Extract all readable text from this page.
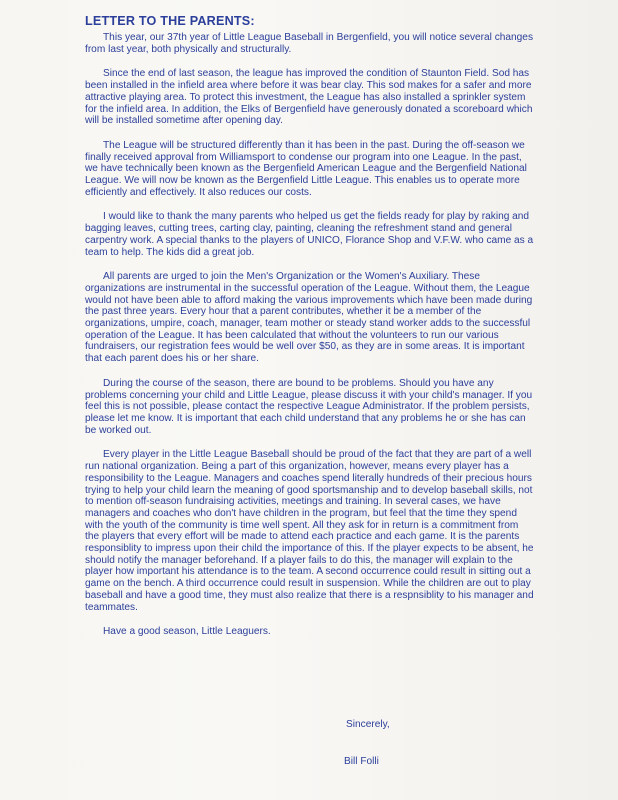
LETTER TO THE PARENTS:

This year, our 37th year of Little League Baseball in Bergenfield, you will notice several changes from last year, both physically and structurally.

Since the end of last season, the league has improved the condition of Staunton Field. Sod has been installed in the infield area where before it was bear clay. This sod makes for a safer and more attractive playing area. To protect this investment, the League has also installed a sprinkler system for the infield area. In addition, the Elks of Bergenfield have generously donated a scoreboard which will be installed sometime after opening day.

The League will be structured differently than it has been in the past. During the off-season we finally received approval from Williamsport to condense our program into one League. In the past, we have technically been known as the Bergenfield American League and the Bergenfield National League. We will now be known as the Bergenfield Little League. This enables us to operate more efficiently and effectively. It also reduces our costs.

I would like to thank the many parents who helped us get the fields ready for play by raking and bagging leaves, cutting trees, carting clay, painting, cleaning the refreshment stand and general carpentry work. A special thanks to the players of UNICO, Florance Shop and V.F.W. who came as a team to help. The kids did a great job.

All parents are urged to join the Men's Organization or the Women's Auxiliary. These organizations are instrumental in the successful operation of the League. Without them, the League would not have been able to afford making the various improvements which have been made during the past three years. Every hour that a parent contributes, whether it be a member of the organizations, umpire, coach, manager, team mother or steady stand worker adds to the successful operation of the League. It has been calculated that without the volunteers to run our various fundraisers, our registration fees would be well over $50, as they are in some areas. It is important that each parent does his or her share.

During the course of the season, there are bound to be problems. Should you have any problems concerning your child and Little League, please discuss it with your child's manager. If you feel this is not possible, please contact the respective League Administrator. If the problem persists, please let me know. It is important that each child understand that any problems he or she has can be worked out.

Every player in the Little League Baseball should be proud of the fact that they are part of a well run national organization. Being a part of this organization, however, means every player has a responsibility to the League. Managers and coaches spend literally hundreds of their precious hours trying to help your child learn the meaning of good sportsmanship and to develop baseball skills, not to mention off-season fundraising activities, meetings and training. In several cases, we have managers and coaches who don't have children in the program, but feel that the time they spend with the youth of the community is time well spent. All they ask for in return is a commitment from the players that every effort will be made to attend each practice and each game. It is the parents responsiblity to impress upon their child the importance of this. If the player expects to be absent, he should notify the manager beforehand. If a player fails to do this, the manager will explain to the player how important his attendance is to the team. A second occurrence could result in sitting out a game on the bench. A third occurrence could result in suspension. While the children are out to play baseball and have a good time, they must also realize that there is a respnsiblity to his manager and teammates.

Have a good season, Little Leaguers.

Sincerely,
Bill Folli
